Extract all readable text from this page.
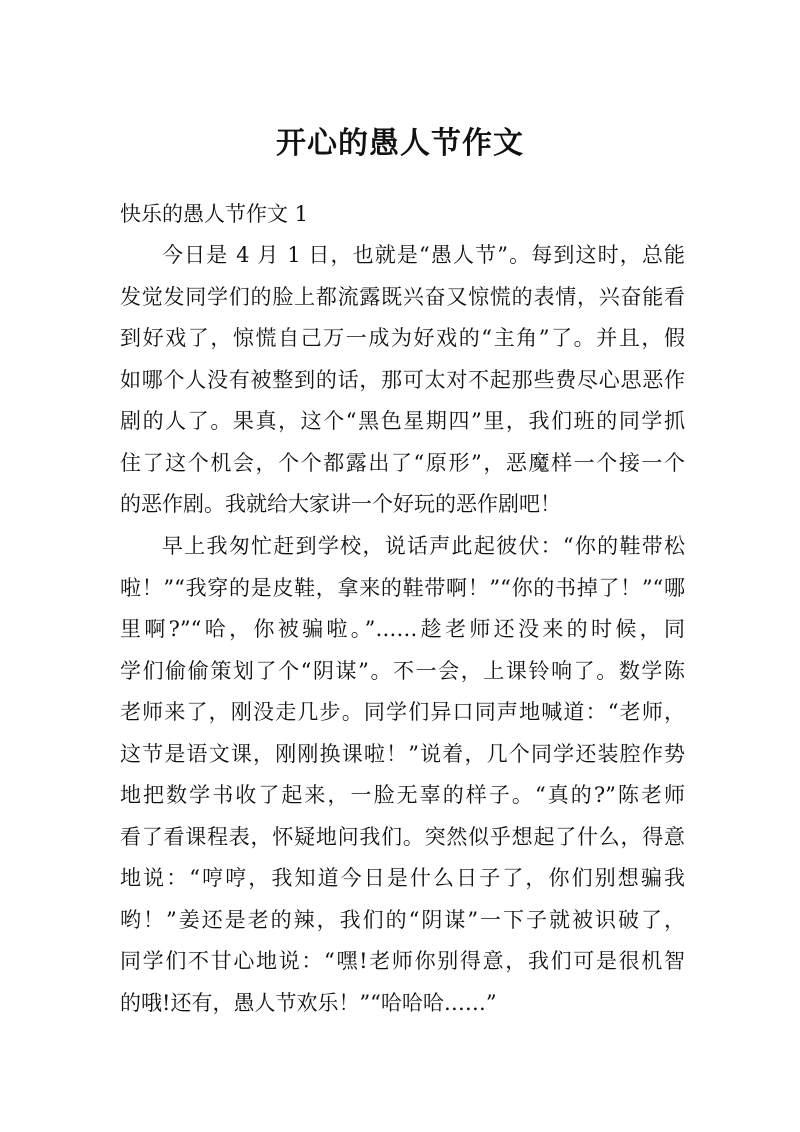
开心的愚人节作文
快乐的愚人节作文 1
今日是 4 月 1 日，也就是“愚人节”。每到这时，总能
发觉发同学们的脸上都流露既兴奋又惊慌的表情，兴奋能看
到好戏了，惊慌自己万一成为好戏的“主角”了。并且，假
如哪个人没有被整到的话，那可太对不起那些费尽心思恶作
剧的人了。果真，这个“黑色星期四”里，我们班的同学抓
住了这个机会，个个都露出了“原形”，恶魔样一个接一个
的恶作剧。我就给大家讲一个好玩的恶作剧吧！
早上我匆忙赶到学校，说话声此起彼伏：“你的鞋带松
啦！”“我穿的是皮鞋，拿来的鞋带啊！”“你的书掉了！”“哪
里啊?”“哈，你被骗啦。”……趁老师还没来的时候，同
学们偷偷策划了个“阴谋”。不一会，上课铃响了。数学陈
老师来了，刚没走几步。同学们异口同声地喊道：“老师，
这节是语文课，刚刚换课啦！”说着，几个同学还装腔作势
地把数学书收了起来，一脸无辜的样子。“真的?”陈老师
看了看课程表，怀疑地问我们。突然似乎想起了什么，得意
地说：“哼哼，我知道今日是什么日子了，你们别想骗我
哟！”姜还是老的辣，我们的“阴谋”一下子就被识破了，
同学们不甘心地说：“嘿!老师你别得意，我们可是很机智
的哦!还有，愚人节欢乐！”“哈哈哈……”
